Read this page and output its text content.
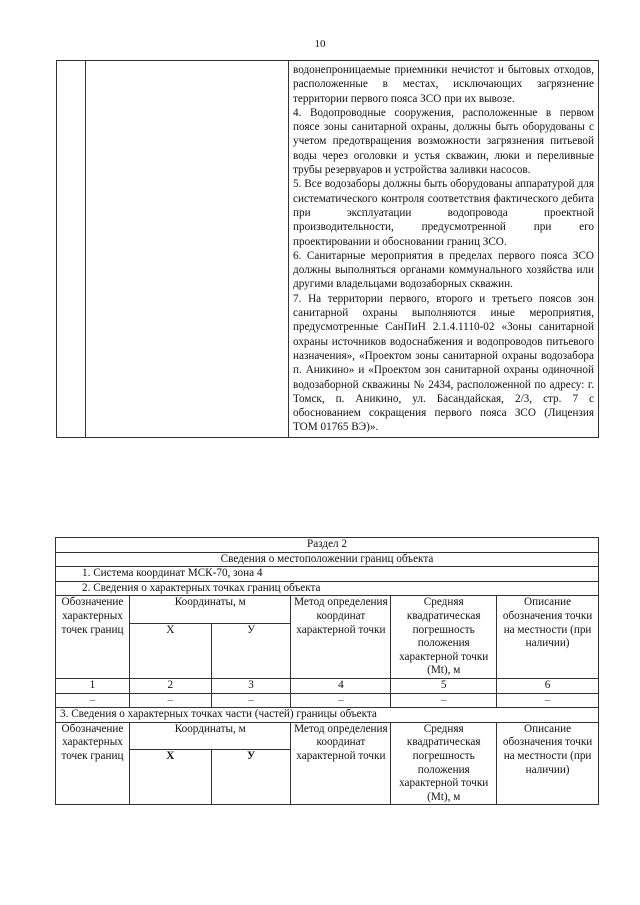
10

водонепроницаемые приемники нечистот и бытовых отходов, расположенные в местах, исключающих загрязнение территории первого пояса ЗСО при их вывозе.

4. Водопроводные сооружения, расположенные в первом поясе зоны санитарной охраны, должны быть оборудованы с учетом предотвращения возможности загрязнения питьевой воды через оголовки и устья скважин, люки и переливные трубы резервуаров и устройства заливки насосов.

5. Все водозаборы должны быть оборудованы аппаратурой для систематического контроля соответствия фактического дебита при эксплуатации водопровода проектной производительности, предусмотренной при его проектировании и обосновании границ ЗСО.

6. Санитарные мероприятия в пределах первого пояса ЗСО должны выполняться органами коммунального хозяйства или другими владельцами водозаборных скважин.

7. На территории первого, второго и третьего поясов зон санитарной охраны выполняются иные мероприятия, предусмотренные СанПиН 2.1.4.1110-02 «Зоны санитарной охраны источников водоснабжения и водопроводов питьевого назначения», «Проектом зоны санитарной охраны водозабора п. Аникино» и «Проектом зон санитарной охраны одиночной водозаборной скважины № 2434, расположенной по адресу: г. Томск, п. Аникино, ул. Басандайская, 2/3, стр. 7 с обоснованием сокращения первого пояса ЗСО (Лицензия ТОМ 01765 ВЭ)».

Раздел 2					
Сведения о местоположении границ объекта					
1. Система координат МСК-70, зона 4					
2. Сведения о характерных точках границ объекта					
Обозначение характерных точек границ	Координаты, м		Метод определения координат характерной точки	Средняя квадратическая погрешность положения характерной точки (Mt), м	Описание обозначения точки на местности (при наличии)
	Х	У			
1	2	3	4	5	6
–	–	–	–	–	–
3. Сведения о характерных точках части (частей) границы объекта					
Обозначение характерных точек границ	Координаты, м		Метод определения координат характерной точки	Средняя квадратическая погрешность положения характерной точки (Mt), м	Описание обозначения точки на местности (при наличии)
	Х	У			
